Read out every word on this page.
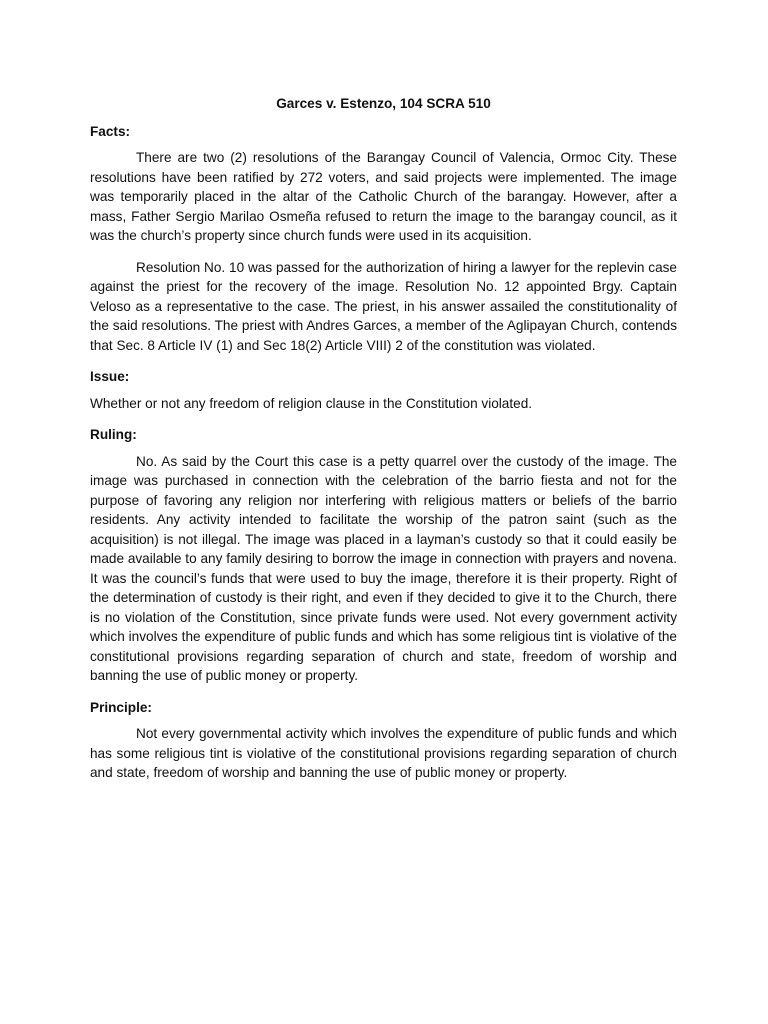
Garces v. Estenzo, 104 SCRA 510
Facts:

There are two (2) resolutions of the Barangay Council of Valencia, Ormoc City. These resolutions have been ratified by 272 voters, and said projects were implemented. The image was temporarily placed in the altar of the Catholic Church of the barangay. However, after a mass, Father Sergio Marilao Osmeña refused to return the image to the barangay council, as it was the church’s property since church funds were used in its acquisition.

Resolution No. 10 was passed for the authorization of hiring a lawyer for the replevin case against the priest for the recovery of the image. Resolution No. 12 appointed Brgy. Captain Veloso as a representative to the case. The priest, in his answer assailed the constitutionality of the said resolutions. The priest with Andres Garces, a member of the Aglipayan Church, contends that Sec. 8 Article IV (1) and Sec 18(2) Article VIII) 2 of the constitution was violated.

Issue:

Whether or not any freedom of religion clause in the Constitution violated.

Ruling:

No. As said by the Court this case is a petty quarrel over the custody of the image. The image was purchased in connection with the celebration of the barrio fiesta and not for the purpose of favoring any religion nor interfering with religious matters or beliefs of the barrio residents. Any activity intended to facilitate the worship of the patron saint (such as the acquisition) is not illegal. The image was placed in a layman’s custody so that it could easily be made available to any family desiring to borrow the image in connection with prayers and novena. It was the council’s funds that were used to buy the image, therefore it is their property. Right of the determination of custody is their right, and even if they decided to give it to the Church, there is no violation of the Constitution, since private funds were used. Not every government activity which involves the expenditure of public funds and which has some religious tint is violative of the constitutional provisions regarding separation of church and state, freedom of worship and banning the use of public money or property.

Principle:

Not every governmental activity which involves the expenditure of public funds and which has some religious tint is violative of the constitutional provisions regarding separation of church and state, freedom of worship and banning the use of public money or property.
